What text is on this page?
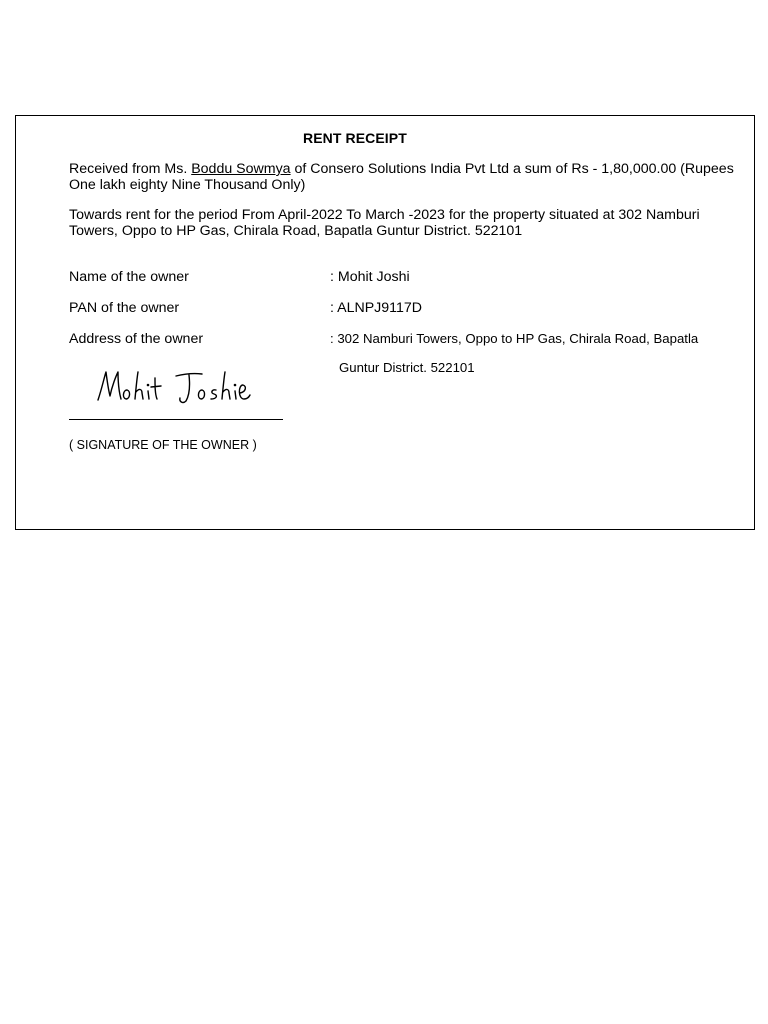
RENT RECEIPT
Received from Ms. Boddu Sowmya of Consero Solutions India Pvt Ltd a sum of Rs - 1,80,000.00 (Rupees One lakh eighty Nine Thousand Only)
Towards rent for the period From April-2022 To March -2023 for the property situated at 302 Namburi Towers, Oppo to HP Gas, Chirala Road, Bapatla Guntur District. 522101
Name of the owner	: Mohit Joshi
PAN of the owner	: ALNPJ9117D
Address of the owner	: 302 Namburi Towers, Oppo to HP Gas, Chirala Road, Bapatla
Guntur District. 522101
( SIGNATURE OF THE OWNER )
